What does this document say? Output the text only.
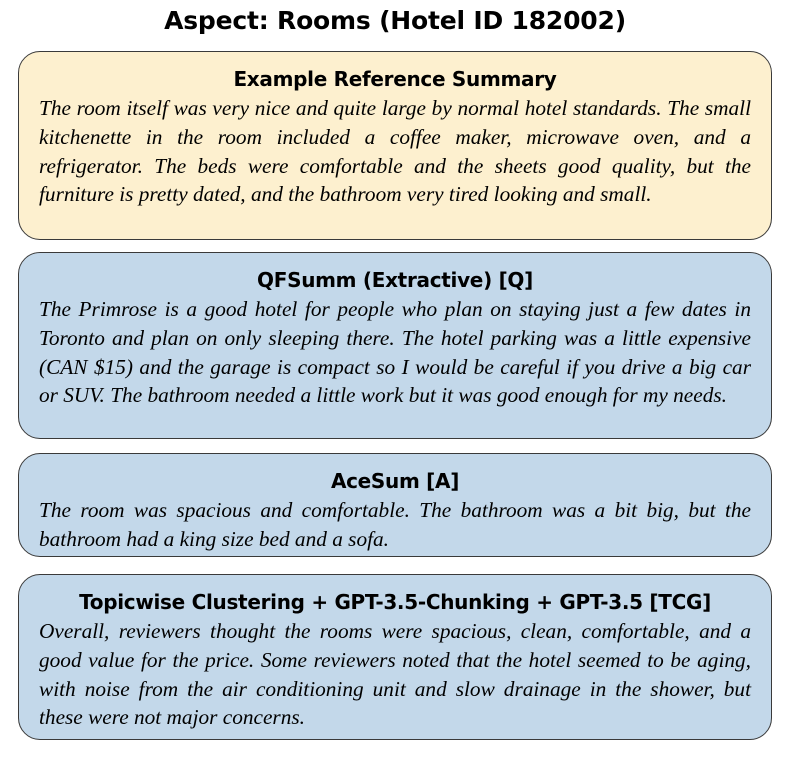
Aspect: Rooms (Hotel ID 182002)
Example Reference Summary
The room itself was very nice and quite large by normal hotel standards. The small kitchenette in the room included a coffee maker, microwave oven, and a refrigerator. The beds were comfortable and the sheets good quality, but the furniture is pretty dated, and the bathroom very tired looking and small.
QFSumm (Extractive) [Q]
The Primrose is a good hotel for people who plan on staying just a few dates in Toronto and plan on only sleeping there. The hotel parking was a little expensive (CAN $15) and the garage is compact so I would be careful if you drive a big car or SUV. The bathroom needed a little work but it was good enough for my needs.
AceSum [A]
The room was spacious and comfortable. The bathroom was a bit big, but the bathroom had a king size bed and a sofa.
Topicwise Clustering + GPT-3.5-Chunking + GPT-3.5 [TCG]
Overall, reviewers thought the rooms were spacious, clean, comfortable, and a good value for the price. Some reviewers noted that the hotel seemed to be aging, with noise from the air conditioning unit and slow drainage in the shower, but these were not major concerns.
